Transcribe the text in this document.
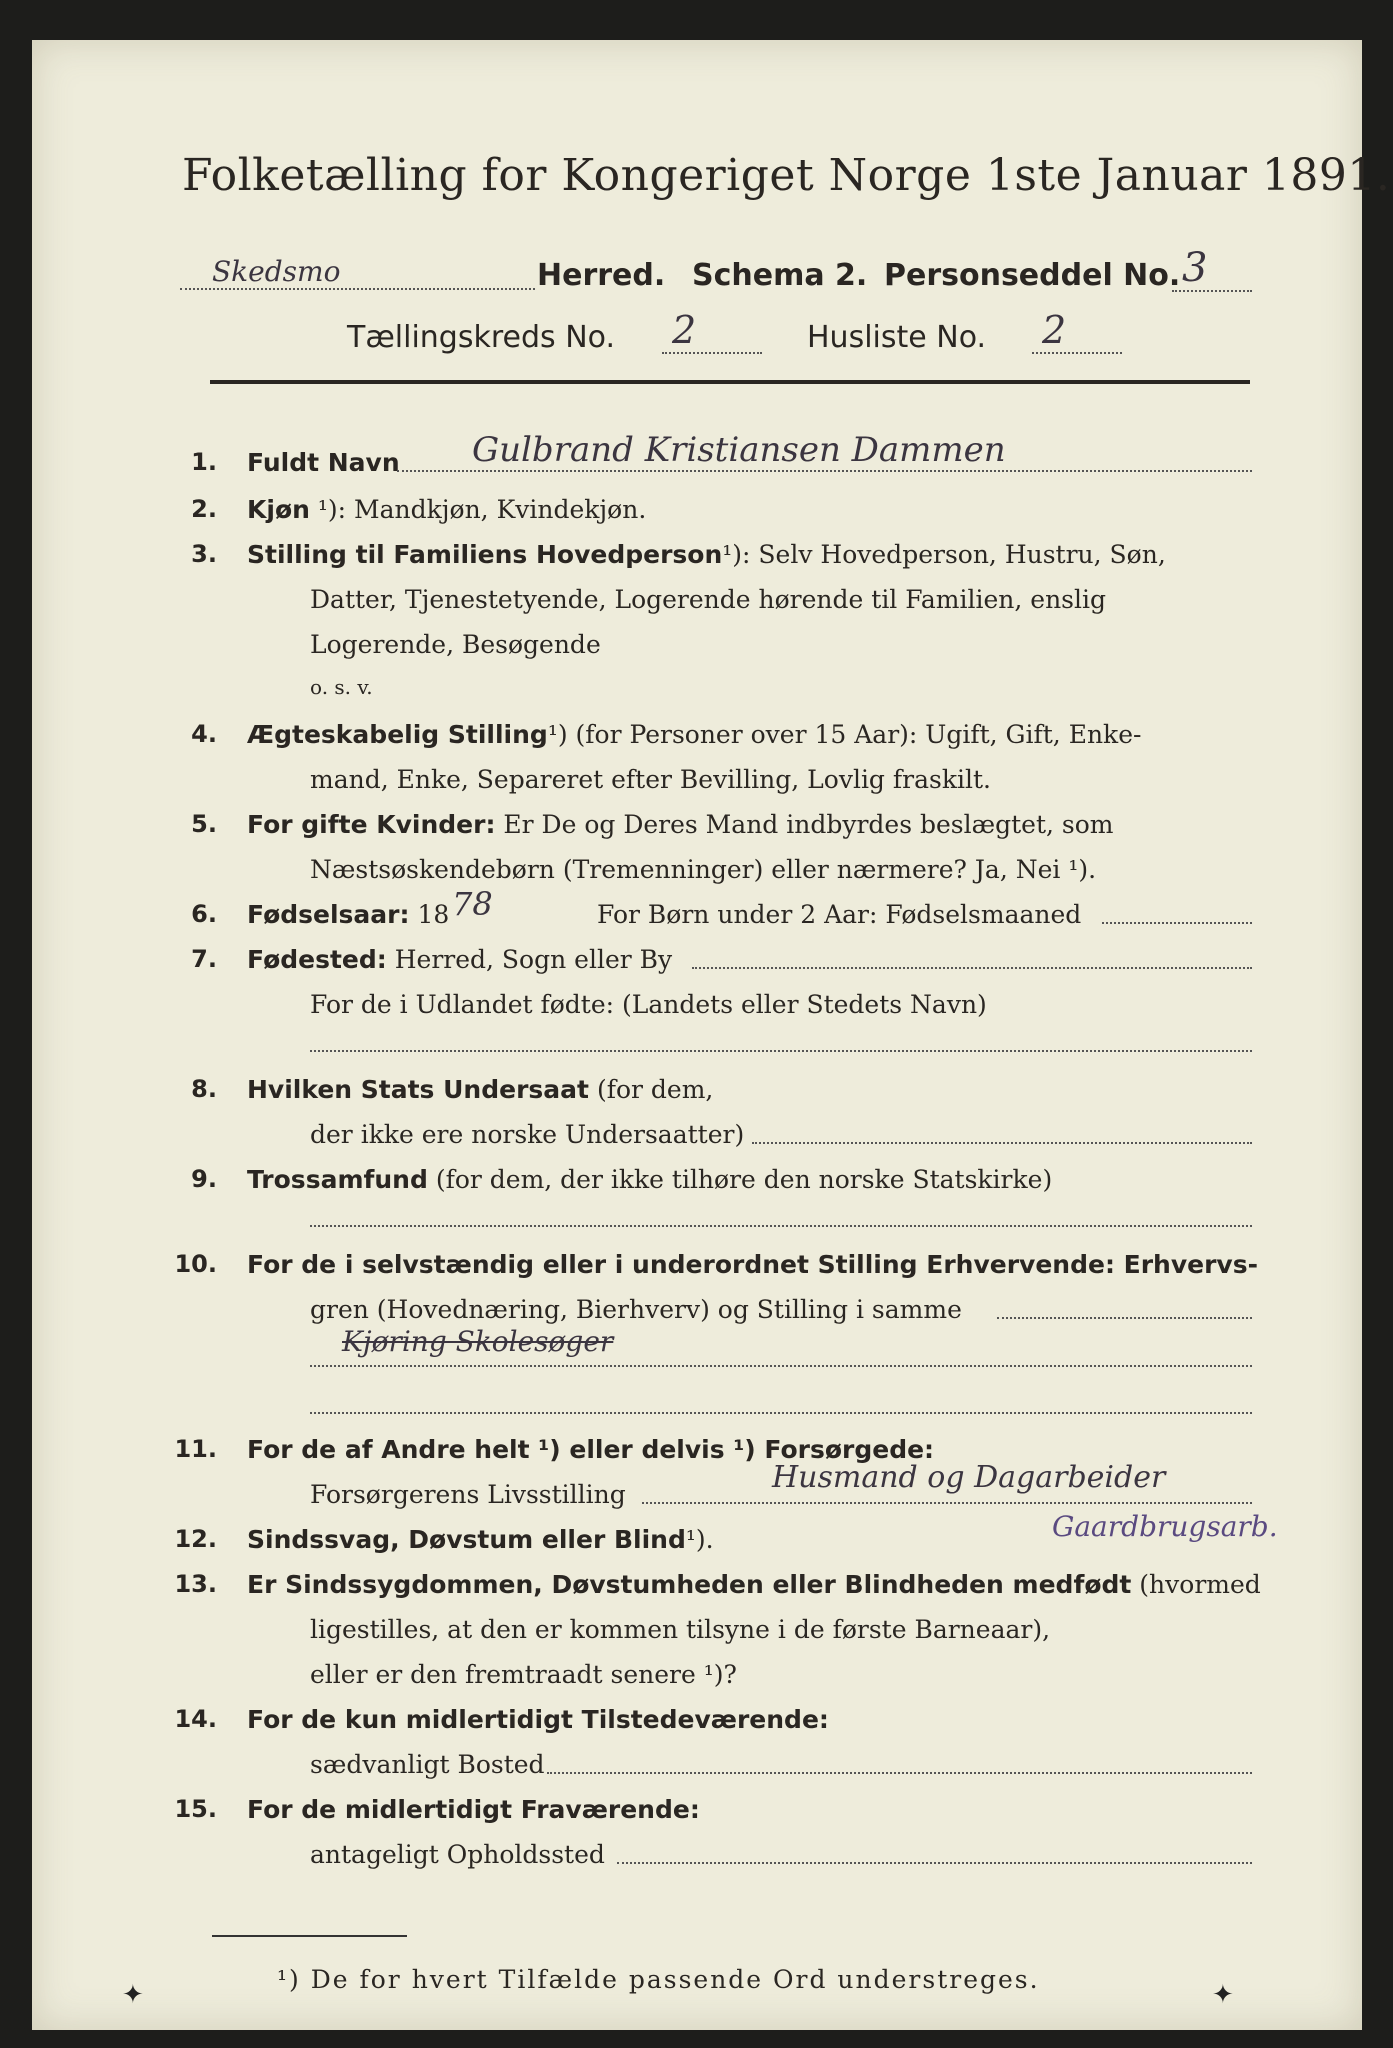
Folketælling for Kongeriget Norge 1ste Januar 1891.
Skedsmo	Herred. Schema 2. Personseddel No. 3
Tællingskreds No. 2	Husliste No. 2
1. Fuldt Navn Gulbrand Kristiansen Dammen
2. Kjøn ¹): Mandkjøn, Kvindekjøn.
3. Stilling til Familiens Hovedperson¹): Selv Hovedperson, Hustru, Søn,
Datter, Tjenestetyende, Logerende hørende til Familien, enslig
Logerende, Besøgende
o. s. v.
4. Ægteskabelig Stilling¹) (for Personer over 15 Aar): Ugift, Gift, Enke-
mand, Enke, Separeret efter Bevilling, Lovlig fraskilt.
5. For gifte Kvinder: Er De og Deres Mand indbyrdes beslægtet, som
Næstsøskendebørn (Tremenninger) eller nærmere? Ja, Nei ¹).
6. Fødselsaar: 18 78	For Børn under 2 Aar: Fødselsmaaned
7. Fødested: Herred, Sogn eller By
For de i Udlandet fødte: (Landets eller Stedets Navn)
8. Hvilken Stats Undersaat (for dem,
der ikke ere norske Undersaatter)
9. Trossamfund (for dem, der ikke tilhøre den norske Statskirke)
10. For de i selvstændig eller i underordnet Stilling Erhvervende: Erhvervs-
gren (Hovednæring, Bierhverv) og Stilling i samme
Kjøring Skolesøger
11. For de af Andre helt ¹) eller delvis ¹) Forsørgede:
Forsørgerens Livsstilling	Husmand og Dagarbeider
Gaardbrugsarb.
12. Sindssvag, Døvstum eller Blind¹).
13. Er Sindssygdommen, Døvstumheden eller Blindheden medfødt (hvormed
ligestilles, at den er kommen tilsyne i de første Barneaar),
eller er den fremtraadt senere ¹)?
14. For de kun midlertidigt Tilstedeværende:
sædvanligt Bosted
15. For de midlertidigt Fraværende:
antageligt Opholdssted
¹) De for hvert Tilfælde passende Ord understreges.
✦	✦
